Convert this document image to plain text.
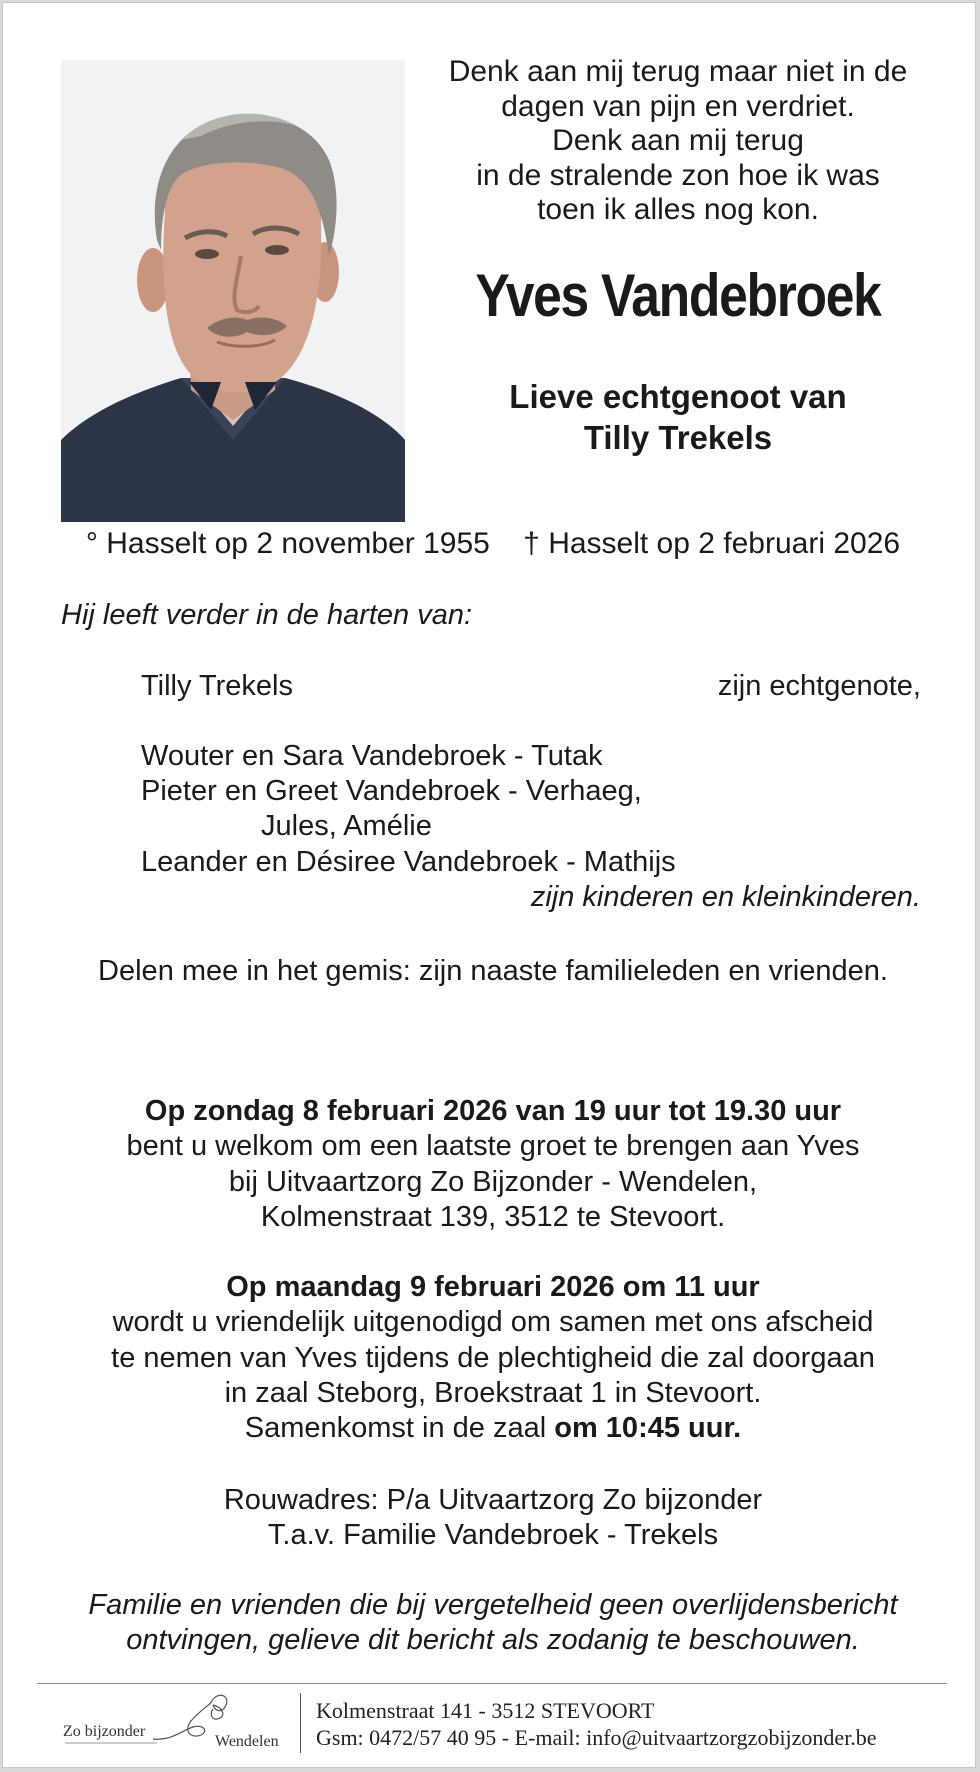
Denk aan mij terug maar niet in de
dagen van pijn en verdriet.
Denk aan mij terug
in de stralende zon hoe ik was
toen ik alles nog kon.
Yves Vandebroek
Lieve echtgenoot van
Tilly Trekels
° Hasselt op 2 november 1955 † Hasselt op 2 februari 2026
Hij leeft verder in de harten van:
Tilly Trekels	zijn echtgenote,
Wouter en Sara Vandebroek - Tutak
Pieter en Greet Vandebroek - Verhaeg,
Jules, Amélie
Leander en Désiree Vandebroek - Mathijs
zijn kinderen en kleinkinderen.
Delen mee in het gemis: zijn naaste familieleden en vrienden.
Op zondag 8 februari 2026 van 19 uur tot 19.30 uur
bent u welkom om een laatste groet te brengen aan Yves
bij Uitvaartzorg Zo Bijzonder - Wendelen,
Kolmenstraat 139, 3512 te Stevoort.
Op maandag 9 februari 2026 om 11 uur
wordt u vriendelijk uitgenodigd om samen met ons afscheid
te nemen van Yves tijdens de plechtigheid die zal doorgaan
in zaal Steborg, Broekstraat 1 in Stevoort.
Samenkomst in de zaal om 10:45 uur.
Rouwadres: P/a Uitvaartzorg Zo bijzonder
T.a.v. Familie Vandebroek - Trekels
Familie en vrienden die bij vergetelheid geen overlijdensbericht
ontvingen, gelieve dit bericht als zodanig te beschouwen.
Zo bijzonder
Wendelen
Kolmenstraat 141 - 3512 STEVOORT
Gsm: 0472/57 40 95 - E-mail: info@uitvaartzorgzobijzonder.be
